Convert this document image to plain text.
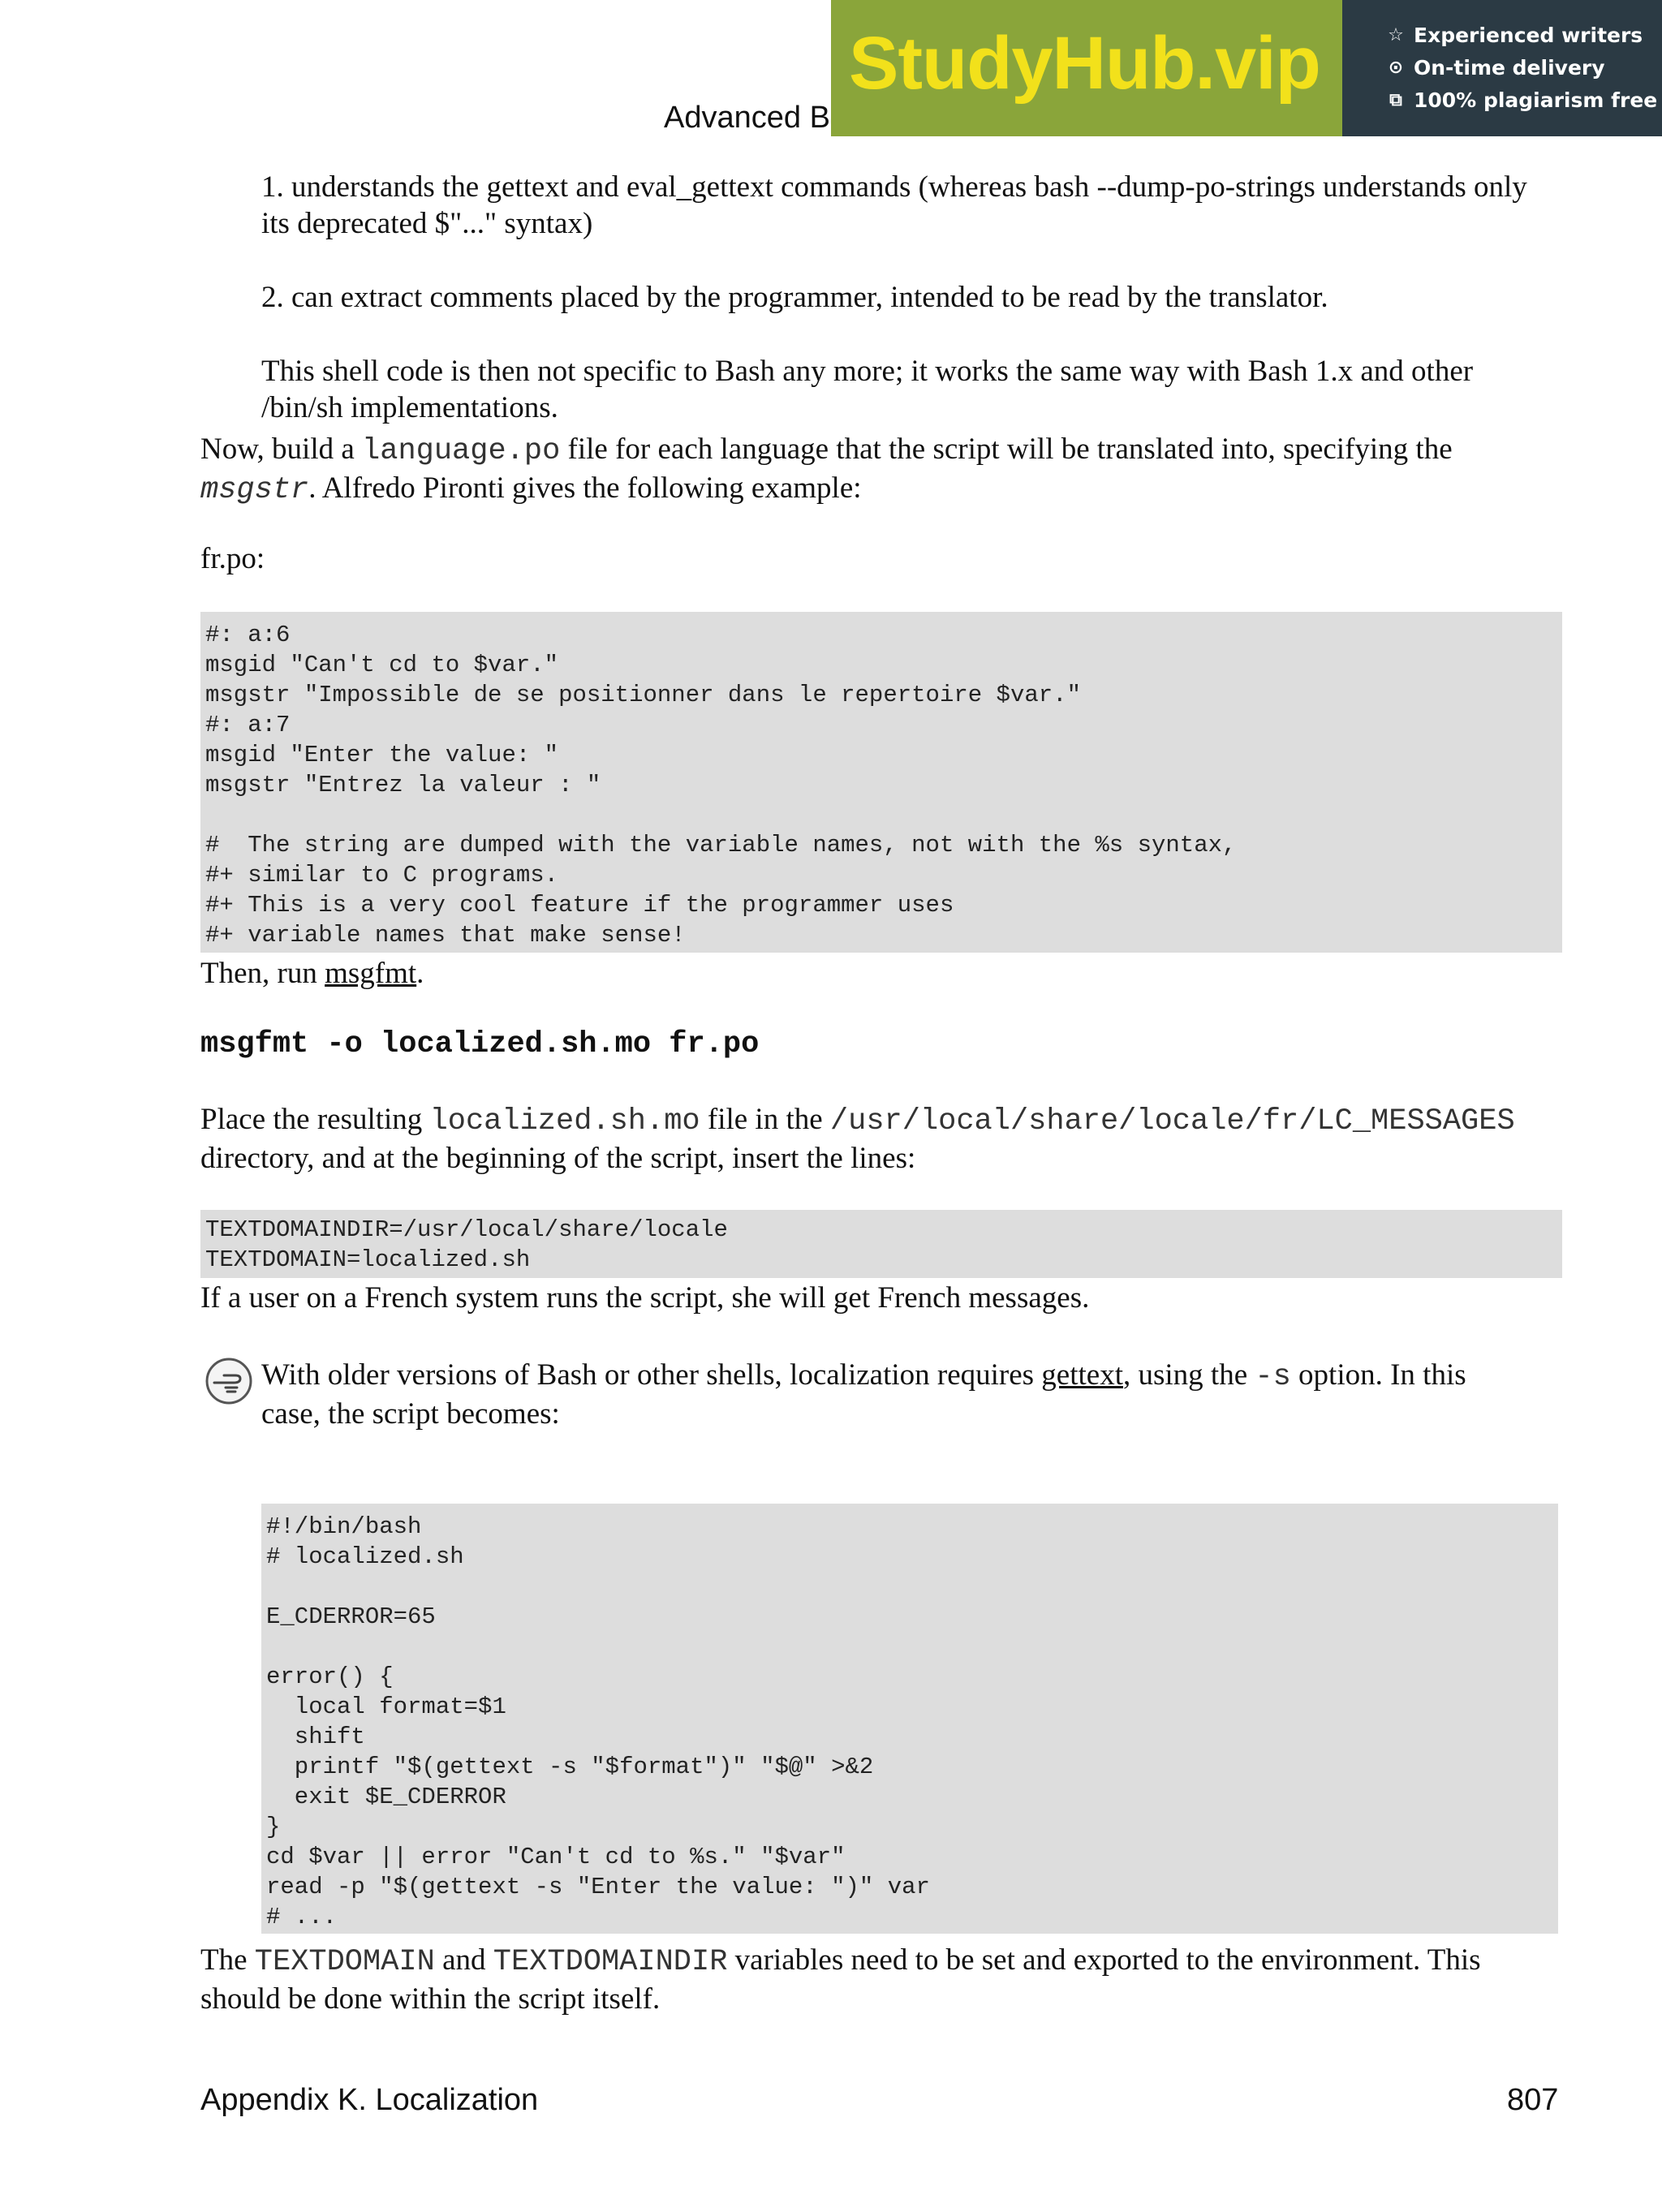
Advanced B
StudyHub.vip	☆ Experienced writers
⊙ On-time delivery
⧉ 100% plagiarism free

1. understands the gettext and eval_gettext commands (whereas bash --dump-po-strings understands only
its deprecated $"..." syntax)

2. can extract comments placed by the programmer, intended to be read by the translator.

This shell code is then not specific to Bash any more; it works the same way with Bash 1.x and other
/bin/sh implementations.

Now, build a language.po file for each language that the script will be translated into, specifying the
msgstr. Alfredo Pironti gives the following example:

fr.po:

#: a:6
msgid "Can't cd to $var."
msgstr "Impossible de se positionner dans le repertoire $var."
#: a:7
msgid "Enter the value: "
msgstr "Entrez la valeur : "

#  The string are dumped with the variable names, not with the %s syntax,
#+ similar to C programs.
#+ This is a very cool feature if the programmer uses
#+ variable names that make sense!

Then, run msgfmt.

msgfmt -o localized.sh.mo fr.po

Place the resulting localized.sh.mo file in the /usr/local/share/locale/fr/LC_MESSAGES
directory, and at the beginning of the script, insert the lines:

TEXTDOMAINDIR=/usr/local/share/locale
TEXTDOMAIN=localized.sh

If a user on a French system runs the script, she will get French messages.

With older versions of Bash or other shells, localization requires gettext, using the -s option. In this
case, the script becomes:

#!/bin/bash
# localized.sh

E_CDERROR=65

error() {
local format=$1
shift
printf "$(gettext -s "$format")" "$@" >&2
exit $E_CDERROR
}
cd $var || error "Can't cd to %s." "$var"
read -p "$(gettext -s "Enter the value: ")" var
# ...

The TEXTDOMAIN and TEXTDOMAINDIR variables need to be set and exported to the environment. This
should be done within the script itself.

Appendix K. Localization	807
